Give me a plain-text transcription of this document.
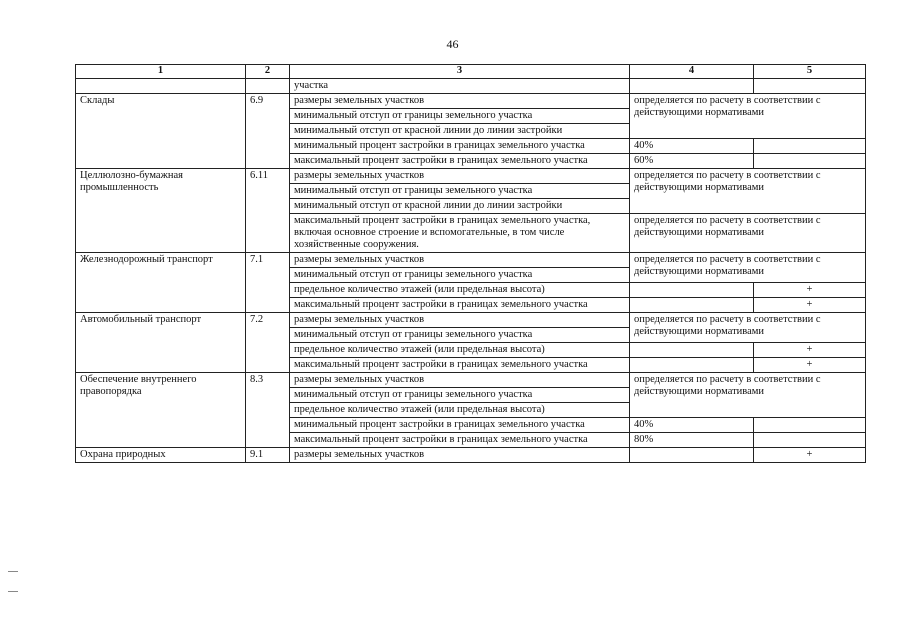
46
1	2	3	4	5
		участка		
Склады	6.9	размеры земельных участков	определяется по расчету в соответствии с действующими нормативами	
		минимальный отступ от границы земельного участка		
		минимальный отступ от красной линии до линии застройки		
		минимальный процент застройки в границах земельного участка	40%	
		максимальный процент застройки в границах земельного участка	60%	
Целлюлозно-бумажная промышленность	6.11	размеры земельных участков	определяется по расчету в соответствии с действующими нормативами	
		минимальный отступ от границы земельного участка		
		минимальный отступ от красной линии до линии застройки		
		максимальный процент застройки в границах земельного участка, включая основное строение и вспомогательные, в том числе хозяйственные сооружения.	определяется по расчету в соответствии с действующими нормативами	
Железнодорожный транспорт	7.1	размеры земельных участков	определяется по расчету в соответствии с действующими нормативами	
		минимальный отступ от границы земельного участка		
		предельное количество этажей (или предельная высота)		+
		максимальный процент застройки в границах земельного участка		+
Автомобильный транспорт	7.2	размеры земельных участков	определяется по расчету в соответствии с действующими нормативами	
		минимальный отступ от границы земельного участка		
		предельное количество этажей (или предельная высота)		+
		максимальный процент застройки в границах земельного участка		+
Обеспечение внутреннего правопорядка	8.3	размеры земельных участков	определяется по расчету в соответствии с действующими нормативами	
		минимальный отступ от границы земельного участка		
		предельное количество этажей (или предельная высота)		
		минимальный процент застройки в границах земельного участка	40%	
		максимальный процент застройки в границах земельного участка	80%	
Охрана природных	9.1	размеры земельных участков		+
